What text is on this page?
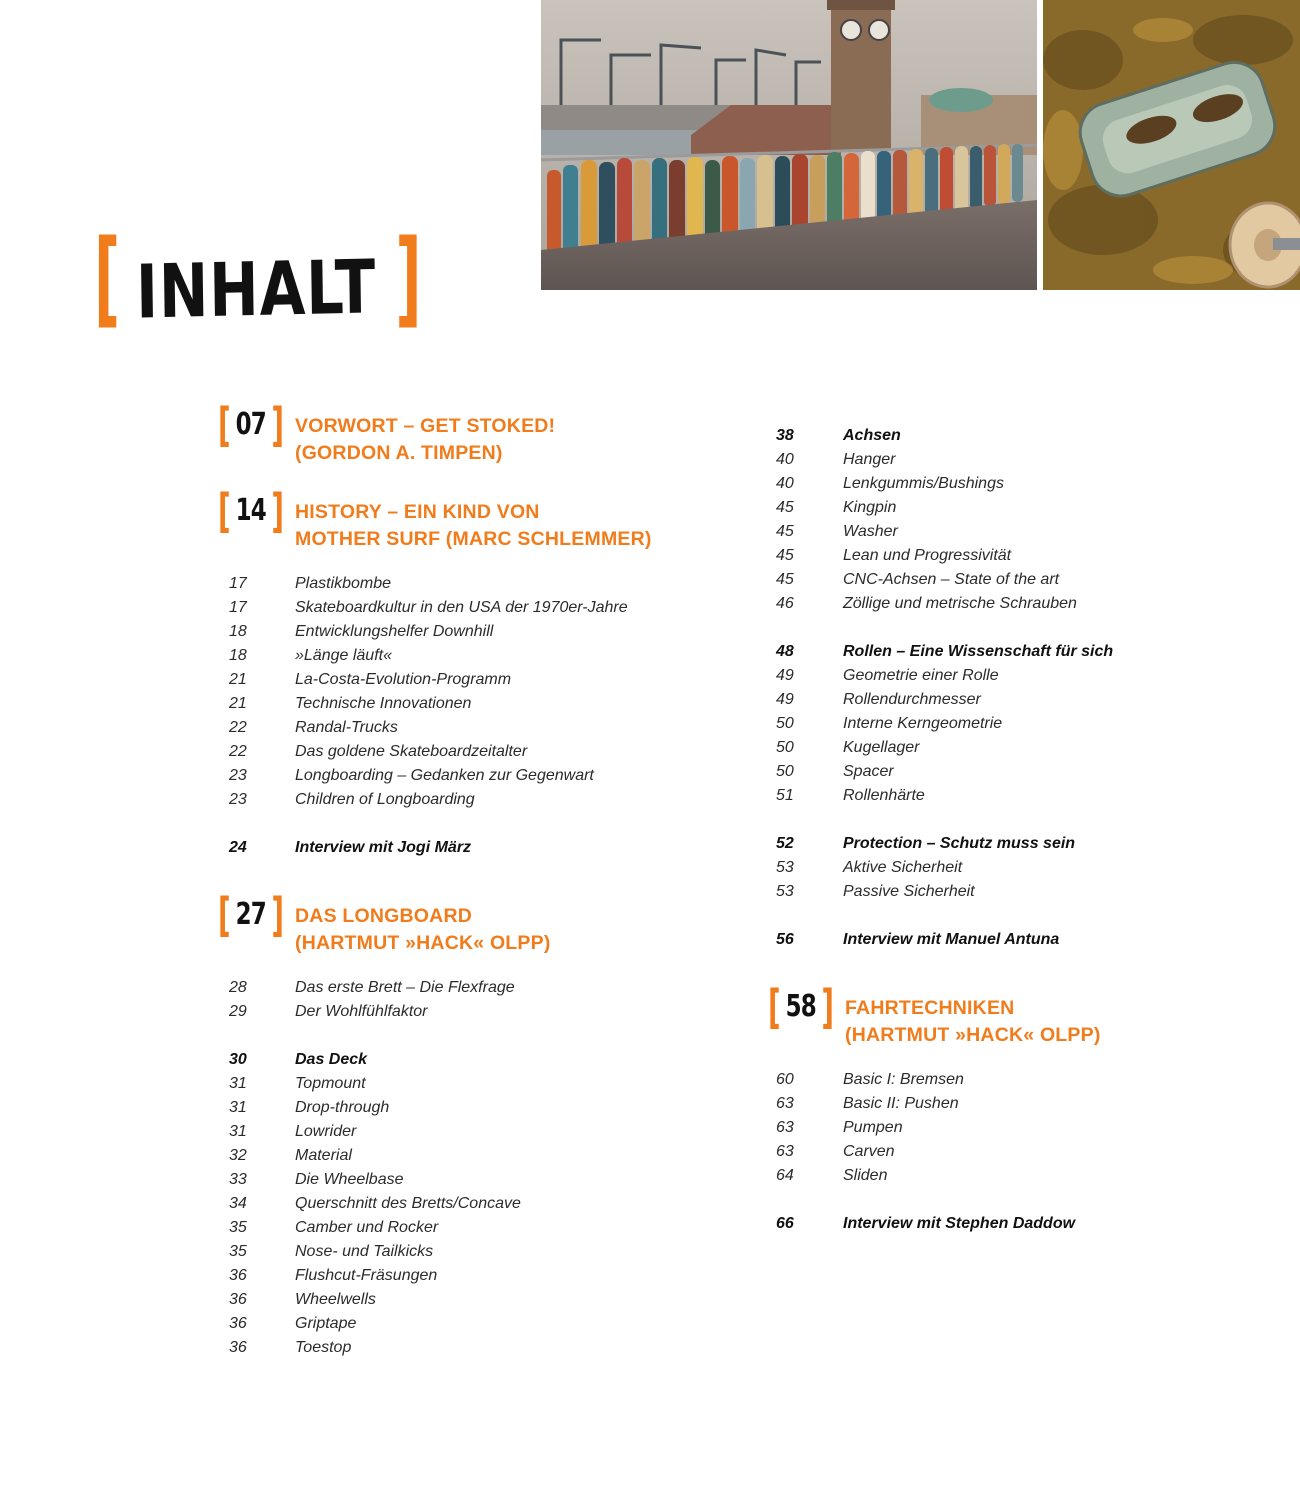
[ INHALT ]
[ 07 ] VORWORT – GET STOKED!
(GORDON A. TIMPEN)
[ 14 ] HISTORY – EIN KIND VON
MOTHER SURF (MARC SCHLEMMER)
17	Plastikbombe
17	Skateboardkultur in den USA der 1970er-Jahre
18	Entwicklungshelfer Downhill
18	»Länge läuft«
21	La-Costa-Evolution-Programm
21	Technische Innovationen
22	Randal-Trucks
22	Das goldene Skateboardzeitalter
23	Longboarding – Gedanken zur Gegenwart
23	Children of Longboarding
24	Interview mit Jogi März
[ 27 ] DAS LONGBOARD
(HARTMUT »HACK« OLPP)
28	Das erste Brett – Die Flexfrage
29	Der Wohlfühlfaktor
30	Das Deck
31	Topmount
31	Drop-through
31	Lowrider
32	Material
33	Die Wheelbase
34	Querschnitt des Bretts/Concave
35	Camber und Rocker
35	Nose- und Tailkicks
36	Flushcut-Fräsungen
36	Wheelwells
36	Griptape
36	Toestop
38	Achsen
40	Hanger
40	Lenkgummis/Bushings
45	Kingpin
45	Washer
45	Lean und Progressivität
45	CNC-Achsen – State of the art
46	Zöllige und metrische Schrauben
48	Rollen – Eine Wissenschaft für sich
49	Geometrie einer Rolle
49	Rollendurchmesser
50	Interne Kerngeometrie
50	Kugellager
50	Spacer
51	Rollenhärte
52	Protection – Schutz muss sein
53	Aktive Sicherheit
53	Passive Sicherheit
56	Interview mit Manuel Antuna
[ 58 ] FAHRTECHNIKEN
(HARTMUT »HACK« OLPP)
60	Basic I: Bremsen
63	Basic II: Pushen
63	Pumpen
63	Carven
64	Sliden
66	Interview mit Stephen Daddow
